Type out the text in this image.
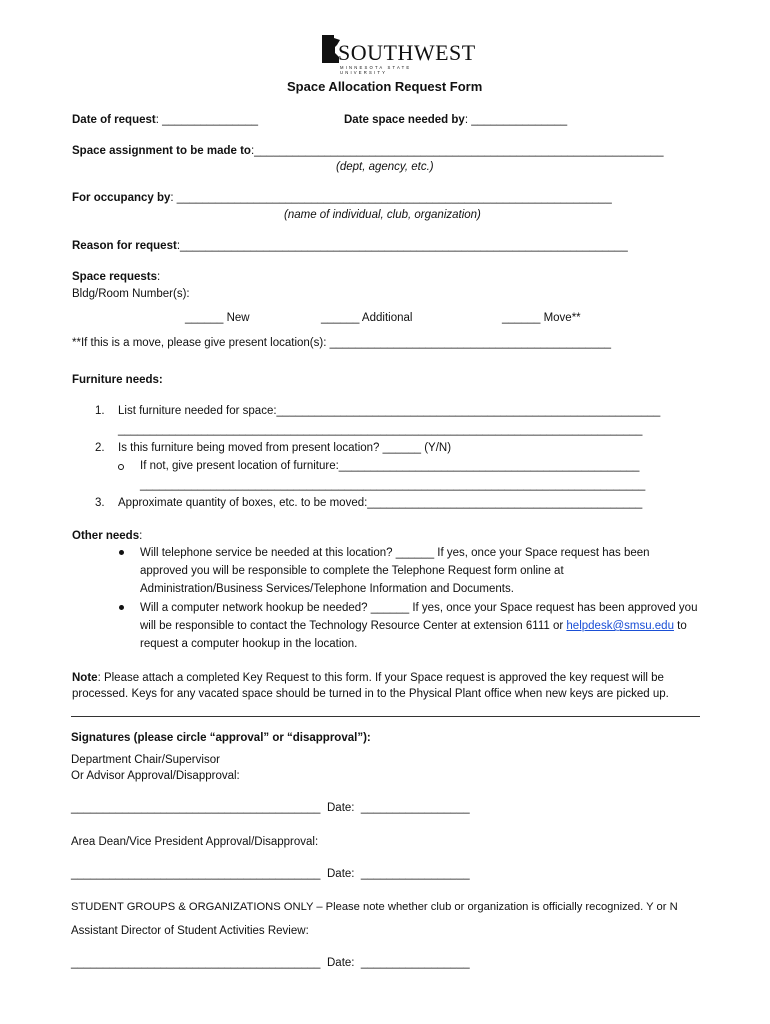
SOUTHWEST
MINNESOTA STATE UNIVERSITY
Space Allocation Request Form
Date of request: _______________	Date space needed by: _______________
Space assignment to be made to:________________________________________________________________
(dept, agency, etc.)
For occupancy by: ____________________________________________________________________
(name of individual, club, organization)
Reason for request:______________________________________________________________________
Space requests:
Bldg/Room Number(s):
______ New	______ Additional	______ Move**
**If this is a move, please give present location(s): ____________________________________________
Furniture needs:
1. List furniture needed for space:____________________________________________________________
__________________________________________________________________________________
2. Is this furniture being moved from present location? ______ (Y/N)
If not, give present location of furniture:_______________________________________________
_______________________________________________________________________________
3. Approximate quantity of boxes, etc. to be moved:___________________________________________
Other needs:
Will telephone service be needed at this location? ______ If yes, once your Space request has been
approved you will be responsible to complete the Telephone Request form online at
Administration/Business Services/Telephone Information and Documents.
Will a computer network hookup be needed? ______ If yes, once your Space request has been approved you
will be responsible to contact the Technology Resource Center at extension 6111 or helpdesk@smsu.edu to
request a computer hookup in the location.
Note: Please attach a completed Key Request to this form. If your Space request is approved the key request will be
processed. Keys for any vacated space should be turned in to the Physical Plant office when new keys are picked up.
Signatures (please circle “approval” or “disapproval”):
Department Chair/Supervisor
Or Advisor Approval/Disapproval:
_______________________________________ Date: _________________
Area Dean/Vice President Approval/Disapproval:
_______________________________________ Date: _________________
STUDENT GROUPS & ORGANIZATIONS ONLY – Please note whether club or organization is officially recognized. Y or N
Assistant Director of Student Activities Review:
_______________________________________ Date: _________________
